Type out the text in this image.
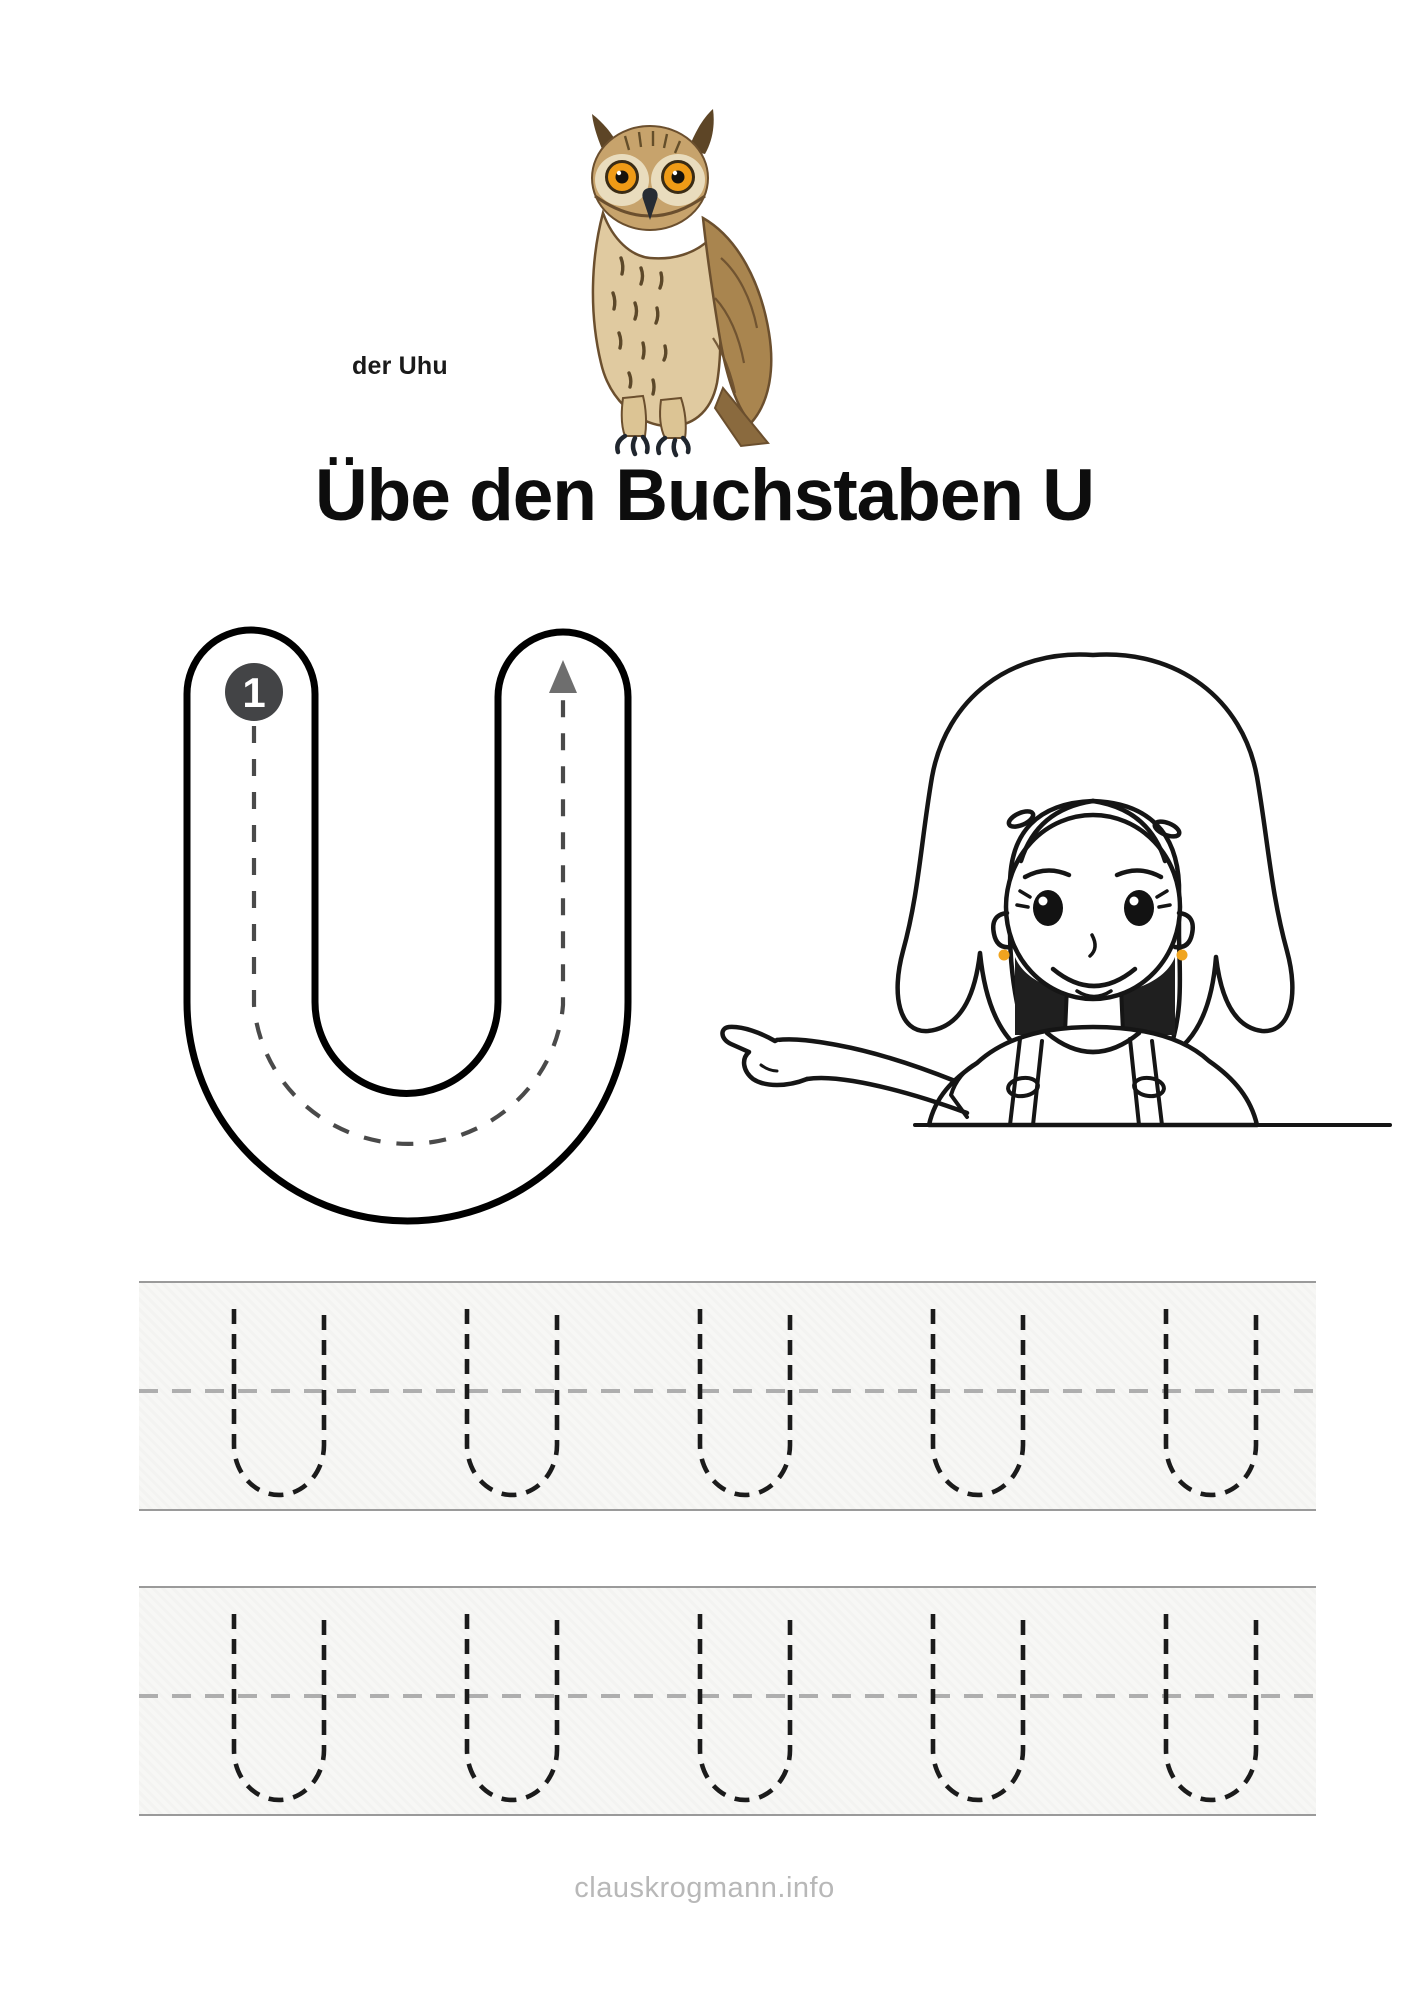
der Uhu
Übe den Buchstaben U
1
clauskrogmann.info
